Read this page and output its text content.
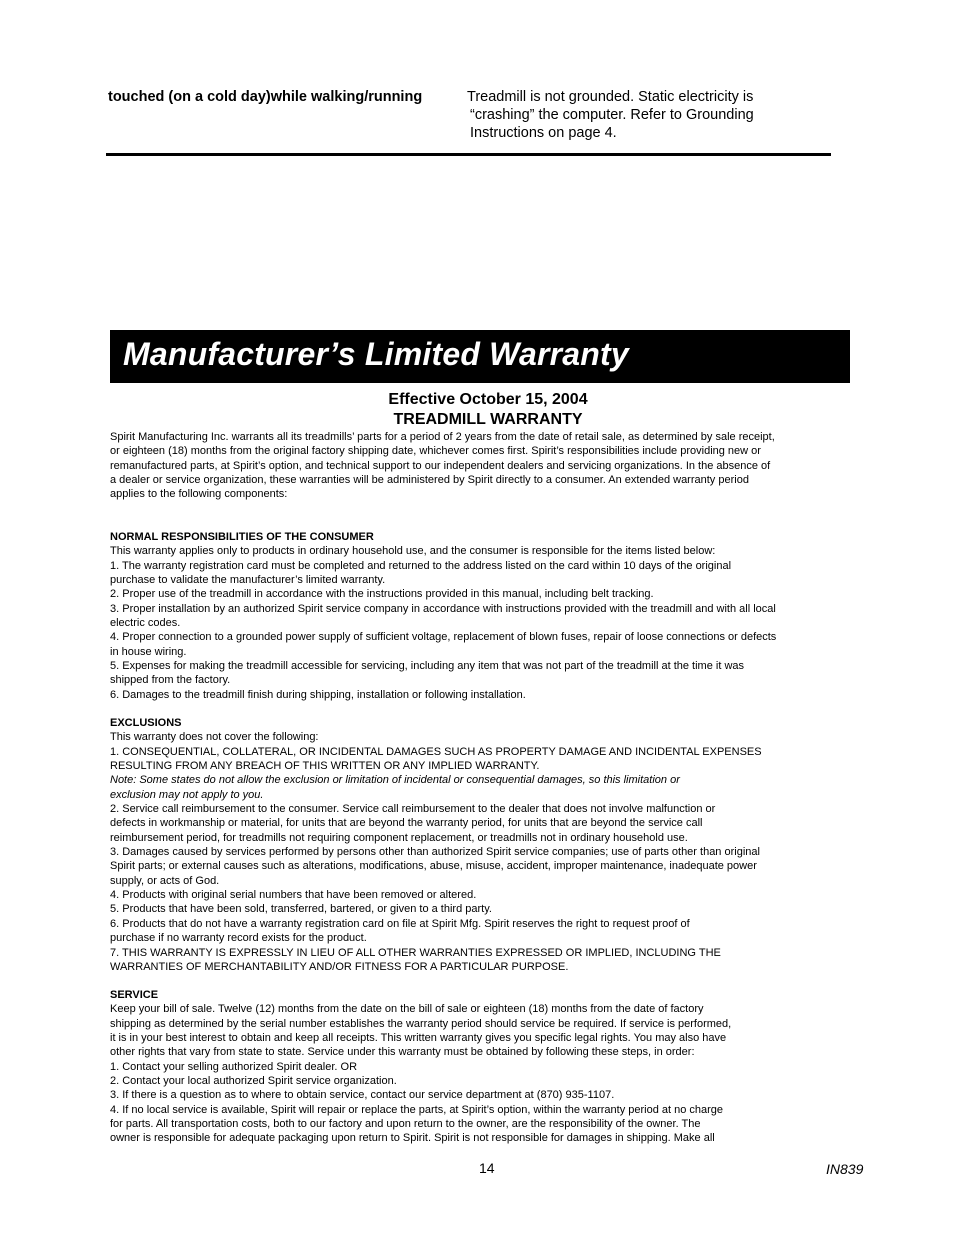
touched (on a cold day)while walking/running	Treadmill is not grounded. Static electricity is
“crashing” the computer. Refer to Grounding
Instructions on page 4.
Manufacturer’s Limited Warranty
Effective October 15, 2004
TREADMILL WARRANTY
Spirit Manufacturing Inc. warrants all its treadmills’ parts for a period of 2 years from the date of retail sale, as determined by sale receipt,
or eighteen (18) months from the original factory shipping date, whichever comes first. Spirit’s responsibilities include providing new or
remanufactured parts, at Spirit’s option, and technical support to our independent dealers and servicing organizations. In the absence of
a dealer or service organization, these warranties will be administered by Spirit directly to a consumer. An extended warranty period
applies to the following components:
NORMAL RESPONSIBILITIES OF THE CONSUMER
This warranty applies only to products in ordinary household use, and the consumer is responsible for the items listed below:
1. The warranty registration card must be completed and returned to the address listed on the card within 10 days of the original
purchase to validate the manufacturer’s limited warranty.
2. Proper use of the treadmill in accordance with the instructions provided in this manual, including belt tracking.
3. Proper installation by an authorized Spirit service company in accordance with instructions provided with the treadmill and with all local
electric codes.
4. Proper connection to a grounded power supply of sufficient voltage, replacement of blown fuses, repair of loose connections or defects
in house wiring.
5. Expenses for making the treadmill accessible for servicing, including any item that was not part of the treadmill at the time it was
shipped from the factory.
6. Damages to the treadmill finish during shipping, installation or following installation.
EXCLUSIONS
This warranty does not cover the following:
1. CONSEQUENTIAL, COLLATERAL, OR INCIDENTAL DAMAGES SUCH AS PROPERTY DAMAGE AND INCIDENTAL EXPENSES
RESULTING FROM ANY BREACH OF THIS WRITTEN OR ANY IMPLIED WARRANTY.
Note: Some states do not allow the exclusion or limitation of incidental or consequential damages, so this limitation or
exclusion may not apply to you.
2. Service call reimbursement to the consumer. Service call reimbursement to the dealer that does not involve malfunction or
defects in workmanship or material, for units that are beyond the warranty period, for units that are beyond the service call
reimbursement period, for treadmills not requiring component replacement, or treadmills not in ordinary household use.
3. Damages caused by services performed by persons other than authorized Spirit service companies; use of parts other than original
Spirit parts; or external causes such as alterations, modifications, abuse, misuse, accident, improper maintenance, inadequate power
supply, or acts of God.
4. Products with original serial numbers that have been removed or altered.
5. Products that have been sold, transferred, bartered, or given to a third party.
6. Products that do not have a warranty registration card on file at Spirit Mfg. Spirit reserves the right to request proof of
purchase if no warranty record exists for the product.
7. THIS WARRANTY IS EXPRESSLY IN LIEU OF ALL OTHER WARRANTIES EXPRESSED OR IMPLIED, INCLUDING THE
WARRANTIES OF MERCHANTABILITY AND/OR FITNESS FOR A PARTICULAR PURPOSE.
SERVICE
Keep your bill of sale. Twelve (12) months from the date on the bill of sale or eighteen (18) months from the date of factory
shipping as determined by the serial number establishes the warranty period should service be required. If service is performed,
it is in your best interest to obtain and keep all receipts. This written warranty gives you specific legal rights. You may also have
other rights that vary from state to state. Service under this warranty must be obtained by following these steps, in order:
1. Contact your selling authorized Spirit dealer. OR
2. Contact your local authorized Spirit service organization.
3. If there is a question as to where to obtain service, contact our service department at (870) 935-1107.
4. If no local service is available, Spirit will repair or replace the parts, at Spirit’s option, within the warranty period at no charge
for parts. All transportation costs, both to our factory and upon return to the owner, are the responsibility of the owner. The
owner is responsible for adequate packaging upon return to Spirit. Spirit is not responsible for damages in shipping. Make all
14	IN839
